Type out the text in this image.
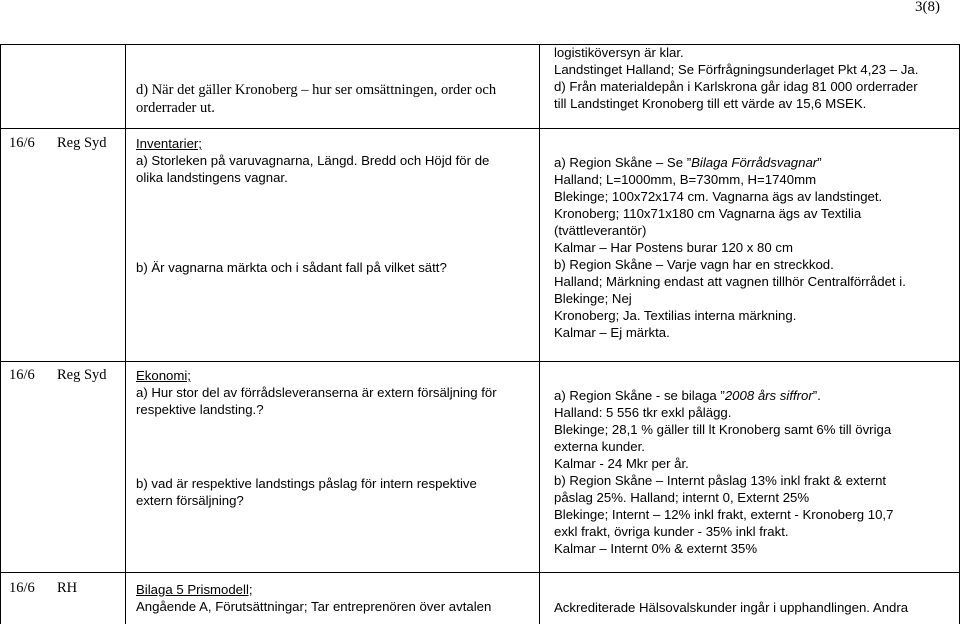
3(8)
d) När det gäller Kronoberg – hur ser omsättningen, order och
orderrader ut.
logistiköversyn är klar.
Landstinget Halland; Se Förfrågningsunderlaget Pkt 4,23 – Ja.
d) Från materialdepån i Karlskrona går idag 81 000 orderrader
till Landstinget Kronoberg till ett värde av 15,6 MSEK.
16/6 Reg Syd Inventarier;
a) Storleken på varuvagnarna, Längd. Bredd och Höjd för de
olika landstingens vagnar.
b) Är vagnarna märkta och i sådant fall på vilket sätt?
a) Region Skåne – Se ”Bilaga Förrådsvagnar”
Halland; L=1000mm, B=730mm, H=1740mm
Blekinge; 100x72x174 cm. Vagnarna ägs av landstinget.
Kronoberg; 110x71x180 cm Vagnarna ägs av Textilia
(tvättleverantör)
Kalmar – Har Postens burar 120 x 80 cm
b) Region Skåne – Varje vagn har en streckkod.
Halland; Märkning endast att vagnen tillhör Centralförrådet i.
Blekinge; Nej
Kronoberg; Ja. Textilias interna märkning.
Kalmar – Ej märkta.
16/6 Reg Syd Ekonomi;
a) Hur stor del av förrådsleveranserna är extern försäljning för
respektive landsting.?
b) vad är respektive landstings påslag för intern respektive
extern försäljning?
a) Region Skåne - se bilaga ”2008 års siffror”.
Halland: 5 556 tkr exkl pålägg.
Blekinge; 28,1 % gäller till lt Kronoberg samt 6% till övriga
externa kunder.
Kalmar - 24 Mkr per år.
b) Region Skåne – Internt påslag 13% inkl frakt & externt
påslag 25%. Halland; internt 0, Externt 25%
Blekinge; Internt – 12% inkl frakt, externt - Kronoberg 10,7
exkl frakt, övriga kunder - 35% inkl frakt.
Kalmar – Internt 0% & externt 35%
16/6 RH	Bilaga 5 Prismodell;
Angående A, Förutsättningar; Tar entreprenören över avtalen	Ackrediterade Hälsovalskunder ingår i upphandlingen. Andra
